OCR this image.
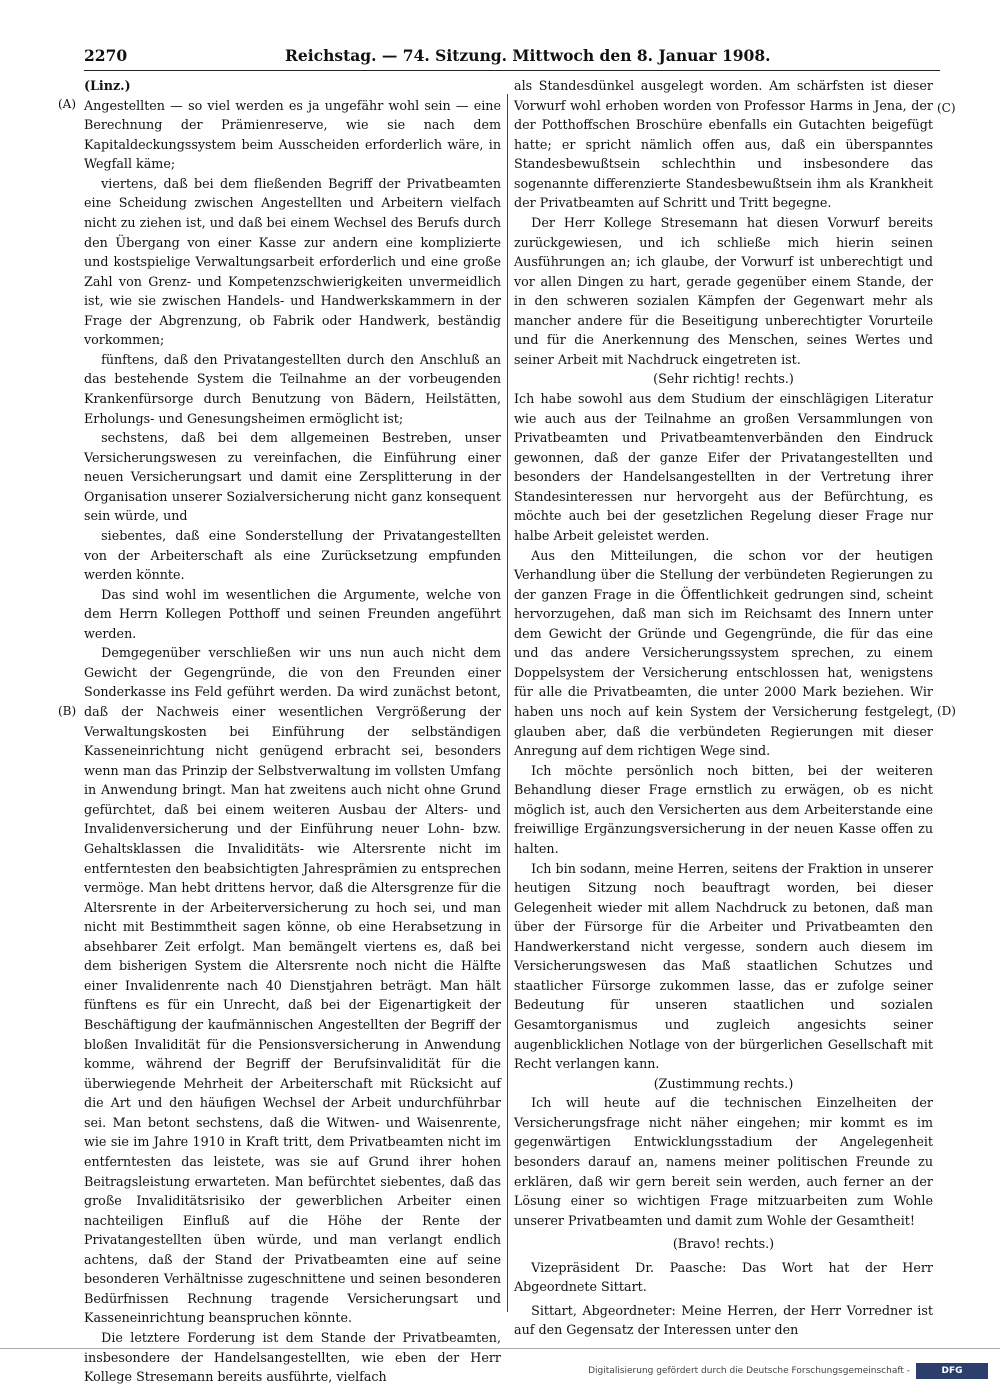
2270	Reichstag. — 74. Sitzung. Mittwoch den 8. Januar 1908.
(A)
(B)
(C)
(D)

(Linz.)

Angestellten — so viel werden es ja ungefähr wohl sein — eine Berechnung der Prämienreserve, wie sie nach dem Kapitaldeckungssystem beim Ausscheiden erforderlich wäre, in Wegfall käme;

viertens, daß bei dem fließenden Begriff der Privatbeamten eine Scheidung zwischen Angestellten und Arbeitern vielfach nicht zu ziehen ist, und daß bei einem Wechsel des Berufs durch den Übergang von einer Kasse zur andern eine komplizierte und kostspielige Verwaltungsarbeit erforderlich und eine große Zahl von Grenz- und Kompetenzschwierigkeiten unvermeidlich ist, wie sie zwischen Handels- und Handwerkskammern in der Frage der Abgrenzung, ob Fabrik oder Handwerk, beständig vorkommen;

fünftens, daß den Privatangestellten durch den Anschluß an das bestehende System die Teilnahme an der vorbeugenden Krankenfürsorge durch Benutzung von Bädern, Heilstätten, Erholungs- und Genesungsheimen ermöglicht ist;

sechstens, daß bei dem allgemeinen Bestreben, unser Versicherungswesen zu vereinfachen, die Einführung einer neuen Versicherungsart und damit eine Zersplitterung in der Organisation unserer Sozialversicherung nicht ganz konsequent sein würde, und

siebentes, daß eine Sonderstellung der Privatangestellten von der Arbeiterschaft als eine Zurücksetzung empfunden werden könnte.

Das sind wohl im wesentlichen die Argumente, welche von dem Herrn Kollegen Potthoff und seinen Freunden angeführt werden.

Demgegenüber verschließen wir uns nun auch nicht dem Gewicht der Gegengründe, die von den Freunden einer Sonderkasse ins Feld geführt werden. Da wird zunächst betont, daß der Nachweis einer wesentlichen Vergrößerung der Verwaltungskosten bei Einführung der selbständigen Kasseneinrichtung nicht genügend erbracht sei, besonders wenn man das Prinzip der Selbstverwaltung im vollsten Umfang in Anwendung bringt. Man hat zweitens auch nicht ohne Grund gefürchtet, daß bei einem weiteren Ausbau der Alters- und Invalidenversicherung und der Einführung neuer Lohn- bzw. Gehaltsklassen die Invaliditäts- wie Altersrente nicht im entferntesten den beabsichtigten Jahresprämien zu entsprechen vermöge. Man hebt drittens hervor, daß die Altersgrenze für die Altersrente in der Arbeiterversicherung zu hoch sei, und man nicht mit Bestimmtheit sagen könne, ob eine Herabsetzung in absehbarer Zeit erfolgt. Man bemängelt viertens es, daß bei dem bisherigen System die Altersrente noch nicht die Hälfte einer Invalidenrente nach 40 Dienstjahren beträgt. Man hält fünftens es für ein Unrecht, daß bei der Eigenartigkeit der Beschäftigung der kaufmännischen Angestellten der Begriff der bloßen Invalidität für die Pensionsversicherung in Anwendung komme, während der Begriff der Berufsinvalidität für die überwiegende Mehrheit der Arbeiterschaft mit Rücksicht auf die Art und den häufigen Wechsel der Arbeit undurchführbar sei. Man betont sechstens, daß die Witwen- und Waisenrente, wie sie im Jahre 1910 in Kraft tritt, dem Privatbeamten nicht im entferntesten das leistete, was sie auf Grund ihrer hohen Beitragsleistung erwarteten. Man befürchtet siebentes, daß das große Invaliditätsrisiko der gewerblichen Arbeiter einen nachteiligen Einfluß auf die Höhe der Rente der Privatangestellten üben würde, und man verlangt endlich achtens, daß der Stand der Privatbeamten eine auf seine besonderen Verhältnisse zugeschnittene und seinen besonderen Bedürfnissen Rechnung tragende Versicherungsart und Kasseneinrichtung beanspruchen könnte.

Die letztere Forderung ist dem Stande der Privatbeamten, insbesondere der Handelsangestellten, wie eben der Herr Kollege Stresemann bereits ausführte, vielfach

als Standesdünkel ausgelegt worden. Am schärfsten ist dieser Vorwurf wohl erhoben worden von Professor Harms in Jena, der der Potthoffschen Broschüre ebenfalls ein Gutachten beigefügt hatte; er spricht nämlich offen aus, daß ein überspanntes Standesbewußtsein schlechthin und insbesondere das sogenannte differenzierte Standesbewußtsein ihm als Krankheit der Privatbeamten auf Schritt und Tritt begegne.

Der Herr Kollege Stresemann hat diesen Vorwurf bereits zurückgewiesen, und ich schließe mich hierin seinen Ausführungen an; ich glaube, der Vorwurf ist unberechtigt und vor allen Dingen zu hart, gerade gegenüber einem Stande, der in den schweren sozialen Kämpfen der Gegenwart mehr als mancher andere für die Beseitigung unberechtigter Vorurteile und für die Anerkennung des Menschen, seines Wertes und seiner Arbeit mit Nachdruck eingetreten ist.

(Sehr richtig! rechts.)

Ich habe sowohl aus dem Studium der einschlägigen Literatur wie auch aus der Teilnahme an großen Versammlungen von Privatbeamten und Privatbeamtenverbänden den Eindruck gewonnen, daß der ganze Eifer der Privatangestellten und besonders der Handelsangestellten in der Vertretung ihrer Standesinteressen nur hervorgeht aus der Befürchtung, es möchte auch bei der gesetzlichen Regelung dieser Frage nur halbe Arbeit geleistet werden.

Aus den Mitteilungen, die schon vor der heutigen Verhandlung über die Stellung der verbündeten Regierungen zu der ganzen Frage in die Öffentlichkeit gedrungen sind, scheint hervorzugehen, daß man sich im Reichsamt des Innern unter dem Gewicht der Gründe und Gegengründe, die für das eine und das andere Versicherungssystem sprechen, zu einem Doppelsystem der Versicherung entschlossen hat, wenigstens für alle die Privatbeamten, die unter 2000 Mark beziehen. Wir haben uns noch auf kein System der Versicherung festgelegt, glauben aber, daß die verbündeten Regierungen mit dieser Anregung auf dem richtigen Wege sind.

Ich möchte persönlich noch bitten, bei der weiteren Behandlung dieser Frage ernstlich zu erwägen, ob es nicht möglich ist, auch den Versicherten aus dem Arbeiterstande eine freiwillige Ergänzungsversicherung in der neuen Kasse offen zu halten.

Ich bin sodann, meine Herren, seitens der Fraktion in unserer heutigen Sitzung noch beauftragt worden, bei dieser Gelegenheit wieder mit allem Nachdruck zu betonen, daß man über der Fürsorge für die Arbeiter und Privatbeamten den Handwerkerstand nicht vergesse, sondern auch diesem im Versicherungswesen das Maß staatlichen Schutzes und staatlicher Fürsorge zukommen lasse, das er zufolge seiner Bedeutung für unseren staatlichen und sozialen Gesamtorganismus und zugleich angesichts seiner augenblicklichen Notlage von der bürgerlichen Gesellschaft mit Recht verlangen kann.

(Zustimmung rechts.)

Ich will heute auf die technischen Einzelheiten der Versicherungsfrage nicht näher eingehen; mir kommt es im gegenwärtigen Entwicklungsstadium der Angelegenheit besonders darauf an, namens meiner politischen Freunde zu erklären, daß wir gern bereit sein werden, auch ferner an der Lösung einer so wichtigen Frage mitzuarbeiten zum Wohle unserer Privatbeamten und damit zum Wohle der Gesamtheit!

(Bravo! rechts.)

Vizepräsident Dr. Paasche: Das Wort hat der Herr Abgeordnete Sittart.

Sittart, Abgeordneter: Meine Herren, der Herr Vorredner ist auf den Gegensatz der Interessen unter den

Digitalisierung gefördert durch die Deutsche Forschungsgemeinschaft -	DFG
